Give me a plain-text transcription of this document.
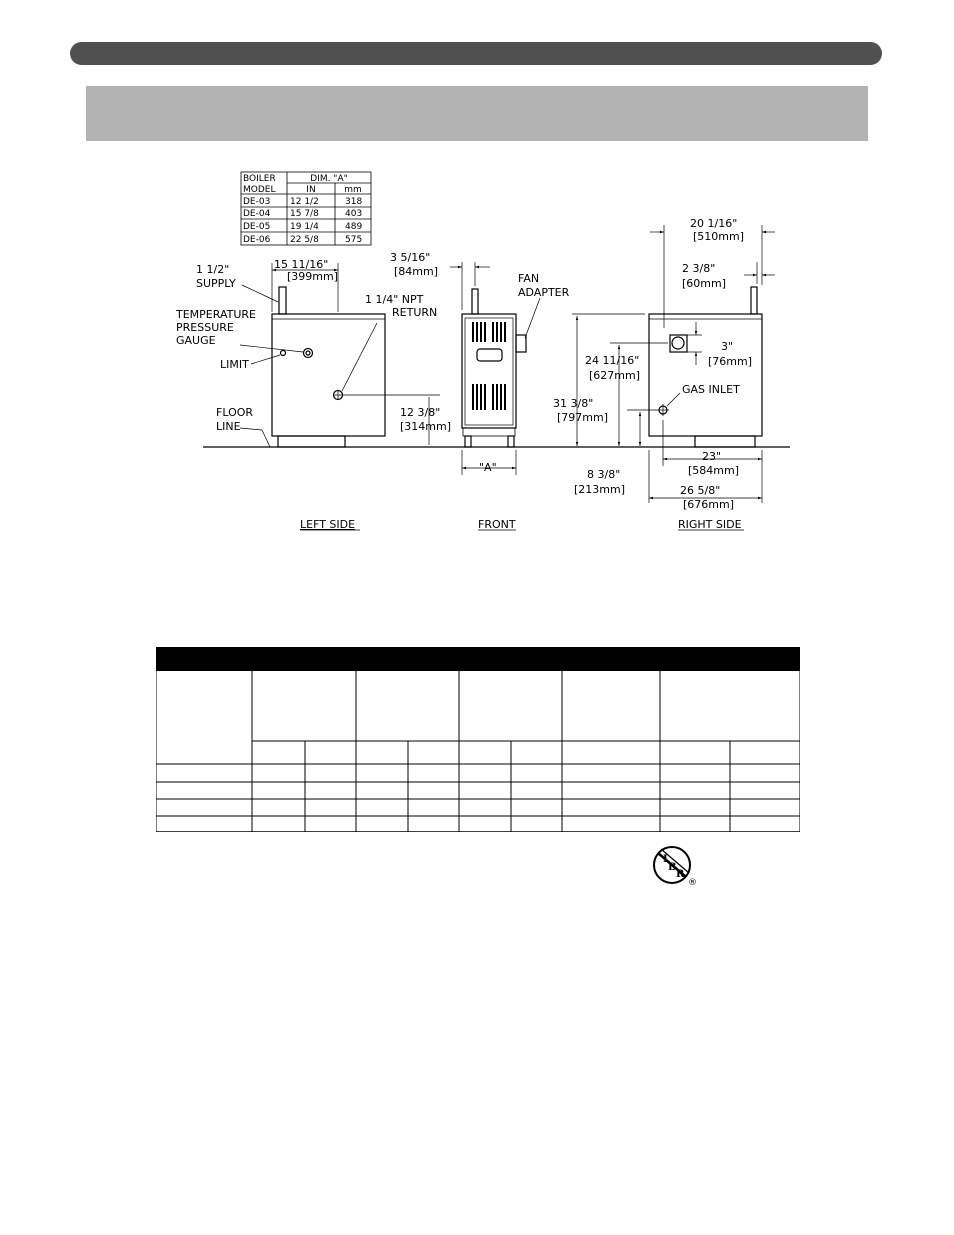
BOILER
MODEL
DIM. "A"
IN	mm
DE-03 12 1/2	318
DE-04 15 7/8	403
DE-05 19 1/4	489
DE-06 22 5/8	575
15 11/16"
[399mm]
1 1/2"
SUPPLY
TEMPERATURE
PRESSURE
GAUGE
LIMIT
1 1/4" NPT
RETURN
FLOOR
LINE
12 3/8"
[314mm]
LEFT SIDE
3 5/16"
[84mm]
FAN
ADAPTER
"A"
FRONT
20 1/16"
[510mm]
2 3/8"
[60mm]
3"
[76mm]
24 11/16"
[627mm]
31 3/8"
[797mm]
GAS INLET
8 3/8"
[213mm]
23"
[584mm]
26 5/8"
[676mm]
RIGHT SIDE
I
B
R
®
